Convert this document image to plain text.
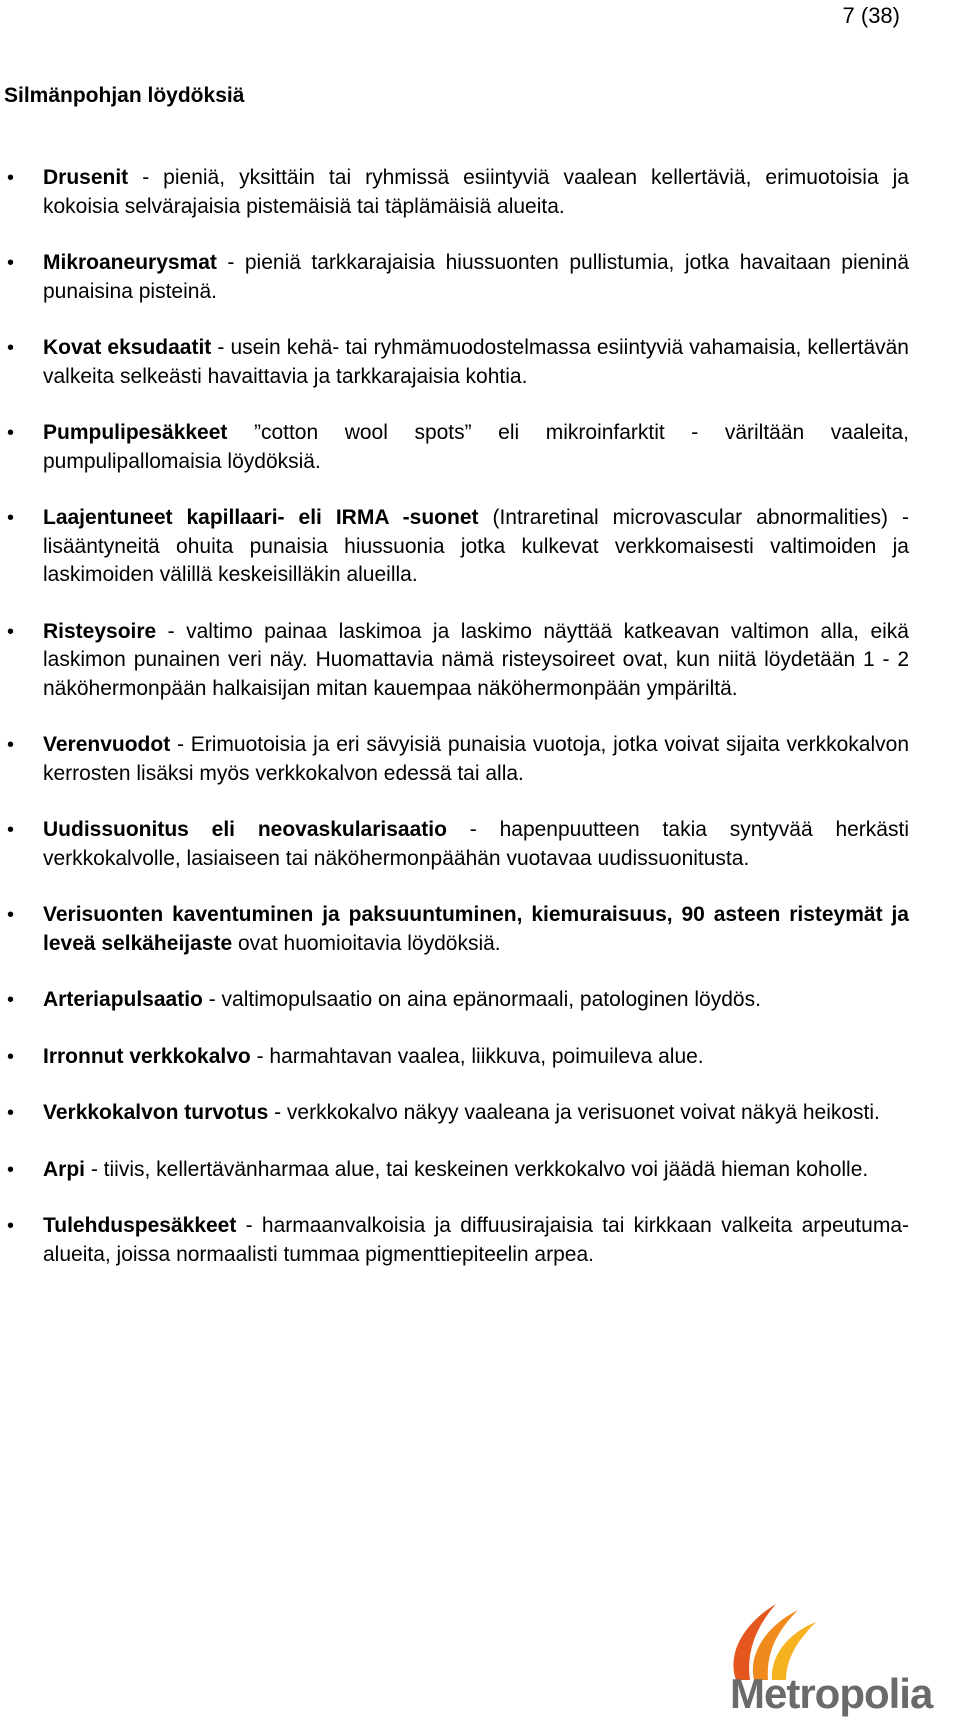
7 (38)
Silmänpohjan löydöksiä
• Drusenit - pieniä, yksittäin tai ryhmissä esiintyviä vaalean kellertäviä, erimuotoisia ja kokoisia selvärajaisia pistemäisiä tai täplämäisiä alueita.
• Mikroaneurysmat - pieniä tarkkarajaisia hiussuonten pullistumia, jotka havaitaan pieninä punaisina pisteinä.
• Kovat eksudaatit - usein kehä- tai ryhmämuodostelmassa esiintyviä vahamaisia, kellertävän valkeita selkeästi havaittavia ja tarkkarajaisia kohtia.
• Pumpulipesäkkeet ”cotton wool spots” eli mikroinfarktit - väriltään vaaleita, pumpulipallomaisia löydöksiä.
• Laajentuneet kapillaari- eli IRMA -suonet (Intraretinal microvascular abnormalities) - lisääntyneitä ohuita punaisia hiussuonia jotka kulkevat verkkomaisesti valtimoiden ja laskimoiden välillä keskeisilläkin alueilla.
• Risteysoire - valtimo painaa laskimoa ja laskimo näyttää katkeavan valtimon alla, eikä laskimon punainen veri näy. Huomattavia nämä risteysoireet ovat, kun niitä löydetään 1 - 2 näköhermonpään halkaisijan mitan kauempaa näköhermonpään ympäriltä.
• Verenvuodot - Erimuotoisia ja eri sävyisiä punaisia vuotoja, jotka voivat sijaita verkkokalvon kerrosten lisäksi myös verkkokalvon edessä tai alla.
• Uudissuonitus eli neovaskularisaatio - hapenpuutteen takia syntyvää herkästi verkkokalvolle, lasiaiseen tai näköhermonpäähän vuotavaa uudissuonitusta.
• Verisuonten kaventuminen ja paksuuntuminen, kiemuraisuus, 90 asteen risteymät ja leveä selkäheijaste ovat huomioitavia löydöksiä.
• Arteriapulsaatio - valtimopulsaatio on aina epänormaali, patologinen löydös.
• Irronnut verkkokalvo - harmahtavan vaalea, liikkuva, poimuileva alue.
• Verkkokalvon turvotus - verkkokalvo näkyy vaaleana ja verisuonet voivat näkyä heikosti.
• Arpi - tiivis, kellertävänharmaa alue, tai keskeinen verkkokalvo voi jäädä hieman koholle.
• Tulehduspesäkkeet - harmaanvalkoisia ja diffuusirajaisia tai kirkkaan valkeita arpeutuma-alueita, joissa normaalisti tummaa pigmenttiepiteelin arpea.
Metropolia
